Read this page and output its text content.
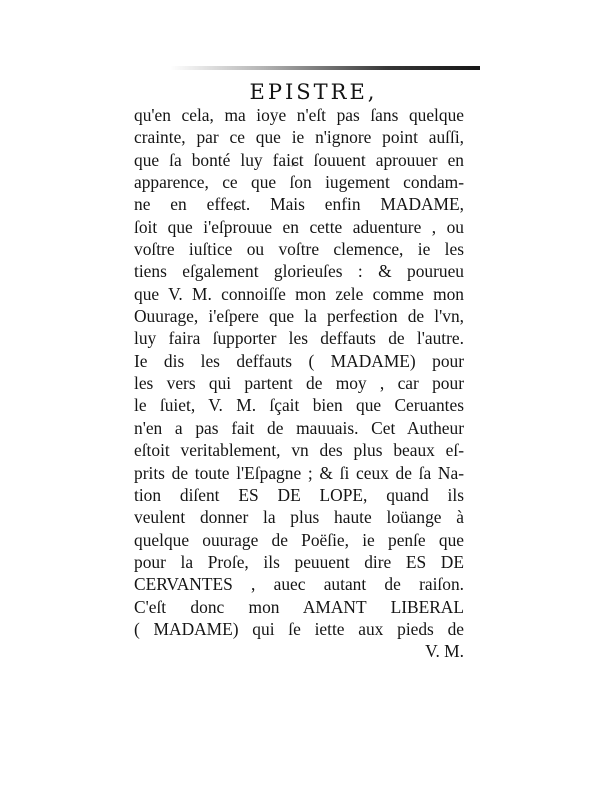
EPISTRE,
qu'en cela, ma ioye n'eſt pas ſans quelque
crainte, par ce que ie n'ignore point auſſi,
que ſa bonté luy faiɕt ſouuent aprouuer en
apparence, ce que ſon iugement condam-
ne en effeɕt. Mais enfin MADAME,
ſoit que i'eſprouue en cette aduenture , ou
voſtre iuſtice ou voſtre clemence, ie les
tiens eſgalement glorieuſes : & pourueu
que V. M. connoiſſe mon zele comme mon
Ouurage, i'eſpere que la perfeɕtion de l'vn,
luy faira ſupporter les deffauts de l'autre.
Ie dis les deffauts ( MADAME) pour
les vers qui partent de moy , car pour
le ſuiet, V. M. ſçait bien que Ceruantes
n'en a pas fait de mauuais. Cet Autheur
eſtoit veritablement, vn des plus beaux eſ-
prits de toute l'Eſpagne ; & ſi ceux de ſa Na-
tion diſent ES DE LOPE, quand ils
veulent donner la plus haute loüange à
quelque ouurage de Poëſie, ie penſe que
pour la Proſe, ils peuuent dire ES DE
CERVANTES , auec autant de raiſon.
C'eſt donc mon AMANT LIBERAL
( MADAME) qui ſe iette aux pieds de
V. M.
